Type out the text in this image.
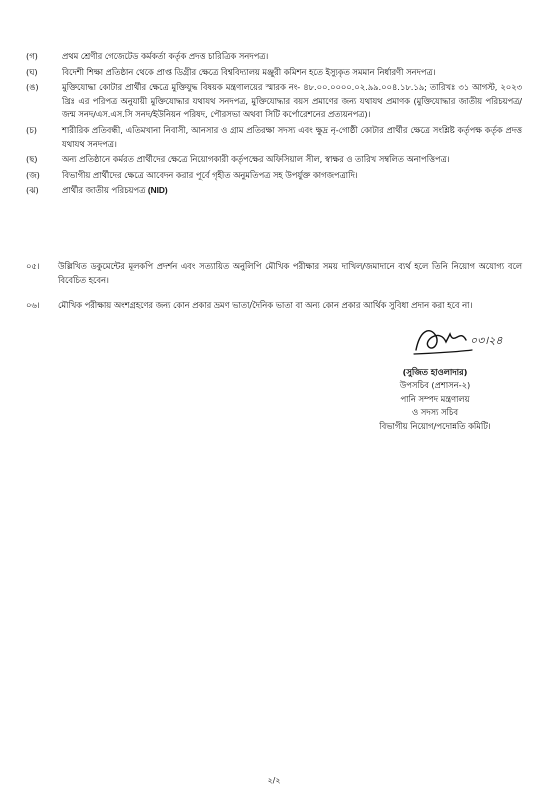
(গ)	প্রথম শ্রেণীর গেজেটেড কর্মকর্তা কর্তৃক প্রদত্ত চারিত্রিক সনদপত্র।
(ঘ)	বিদেশী শিক্ষা প্রতিষ্ঠান থেকে প্রাপ্ত ডিগ্রীর ক্ষেত্রে বিশ্ববিদ্যালয় মঞ্জুরী কমিশন হতে ইস্যুকৃত সমমান নির্ধারণী সনদপত্র।
(ঙ)	মুক্তিযোদ্ধা কোটার প্রার্থীর ক্ষেত্রে মুক্তিযুদ্ধ বিষয়ক মন্ত্রণালয়ের স্মারক নং- ৪৮.০০.০০০০.০২.৯৯.০০৪.১৮.১৯; তারিখঃ ৩১ আগস্ট, ২০২৩ খ্রিঃ এর পরিপত্র অনুযায়ী মুক্তিযোদ্ধার যথাযথ সনদপত্র, মুক্তিযোদ্ধার বয়স প্রমাণের জন্য যথাযথ প্রমাণক (মুক্তিযোদ্ধার জাতীয় পরিচয়পত্র/জন্ম সনদ/এস.এস.সি সনদ/ইউনিয়ন পরিষদ, পৌরসভা অথবা সিটি কর্পোরেশনের প্রত্যয়নপত্র)।
(চ)	শারীরিক প্রতিবন্ধী, এতিমখানা নিবাসী, আনসার ও গ্রাম প্রতিরক্ষা সদস্য এবং ক্ষুদ্র নৃ-গোষ্ঠী কোটার প্রার্থীর ক্ষেত্রে সংশ্লিষ্ট কর্তৃপক্ষ কর্তৃক প্রদত্ত যথাযথ সনদপত্র।
(ছ)	অন্য প্রতিষ্ঠানে কর্মরত প্রার্থীদের ক্ষেত্রে নিয়োগকারী কর্তৃপক্ষের অফিসিয়াল সীল, স্বাক্ষর ও তারিখ সম্বলিত অনাপত্তিপত্র।
(জ)	বিভাগীয় প্রার্থীদের ক্ষেত্রে আবেদন করার পূর্বে গৃহীত অনুমতিপত্র সহ উপর্যুক্ত কাগজপত্রাদি।
(ঝ)	প্রার্থীর জাতীয় পরিচয়পত্র (NID)
০৫।	উল্লিখিত ডকুমেন্টের মূলকপি প্রদর্শন এবং সত্যায়িত অনুলিপি মৌখিক পরীক্ষার সময় দাখিল/জমাদানে ব্যর্থ হলে তিনি নিয়োগ অযোগ্য বলে বিবেচিত হবেন।
০৬।	মৌখিক পরীক্ষায় অংশগ্রহণের জন্য কোন প্রকার ভ্রমণ ভাতা/দৈনিক ভাতা বা অন্য কোন প্রকার আর্থিক সুবিধা প্রদান করা হবে না।
০৩।২৪
(সুজিত হাওলাদার)
উপসচিব (প্রশাসন-২)
পানি সম্পদ মন্ত্রণালয়
ও সদস্য সচিব
বিভাগীয় নিয়োগ/পদোন্নতি কমিটি।
২/২
